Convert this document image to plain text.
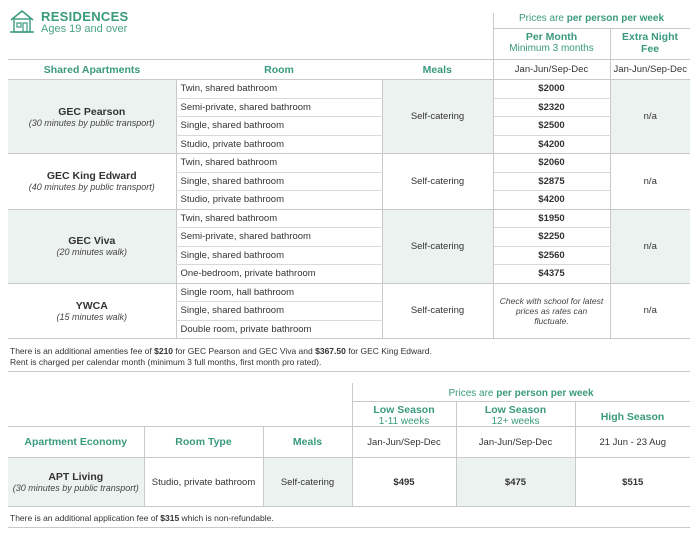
RESIDENCES
Ages 19 and over
Prices are per person per week
Per Month
Minimum 3 months
Extra Night
Fee
Shared Apartments	Room	Meals	Jan-Jun/Sep-Dec	Jan-Jun/Sep-Dec

GEC Pearson
(30 minutes by public transport)	Twin, shared bathroom	Self-catering	$2000	n/a
	Semi-private, shared bathroom		$2320	
	Single, shared bathroom		$2500	
	Studio, private bathroom		$4200	

GEC King Edward
(40 minutes by public transport)	Twin, shared bathroom	Self-catering	$2060	n/a
	Single, shared bathroom		$2875	
	Studio, private bathroom		$4200	

GEC Viva
(20 minutes walk)	Twin, shared bathroom	Self-catering	$1950	n/a
	Semi-private, shared bathroom		$2250	
	Single, shared bathroom		$2560	
	One-bedroom, private bathroom		$4375	

YWCA
(15 minutes walk)	Single room, hall bathroom	Self-catering	Check with school for latest prices as rates can fluctuate.	n/a
	Single, shared bathroom			
	Double room, private bathroom			
There is an additional amenties fee of $210 for GEC Pearson and GEC Viva and $367.50 for GEC King Edward.
Rent is charged per calendar month (minimum 3 full months, first month pro rated).
Prices are per person per week
Low Season
1-11 weeks
Low Season
12+ weeks	High Season
Apartment Economy	Room Type	Meals	Jan-Jun/Sep-Dec	Jan-Jun/Sep-Dec	21 Jun - 23 Aug

APT Living
(30 minutes by public transport)	Studio, private bathroom	Self-catering	$495	$475	$515
There is an additional application fee of $315 which is non-refundable.
